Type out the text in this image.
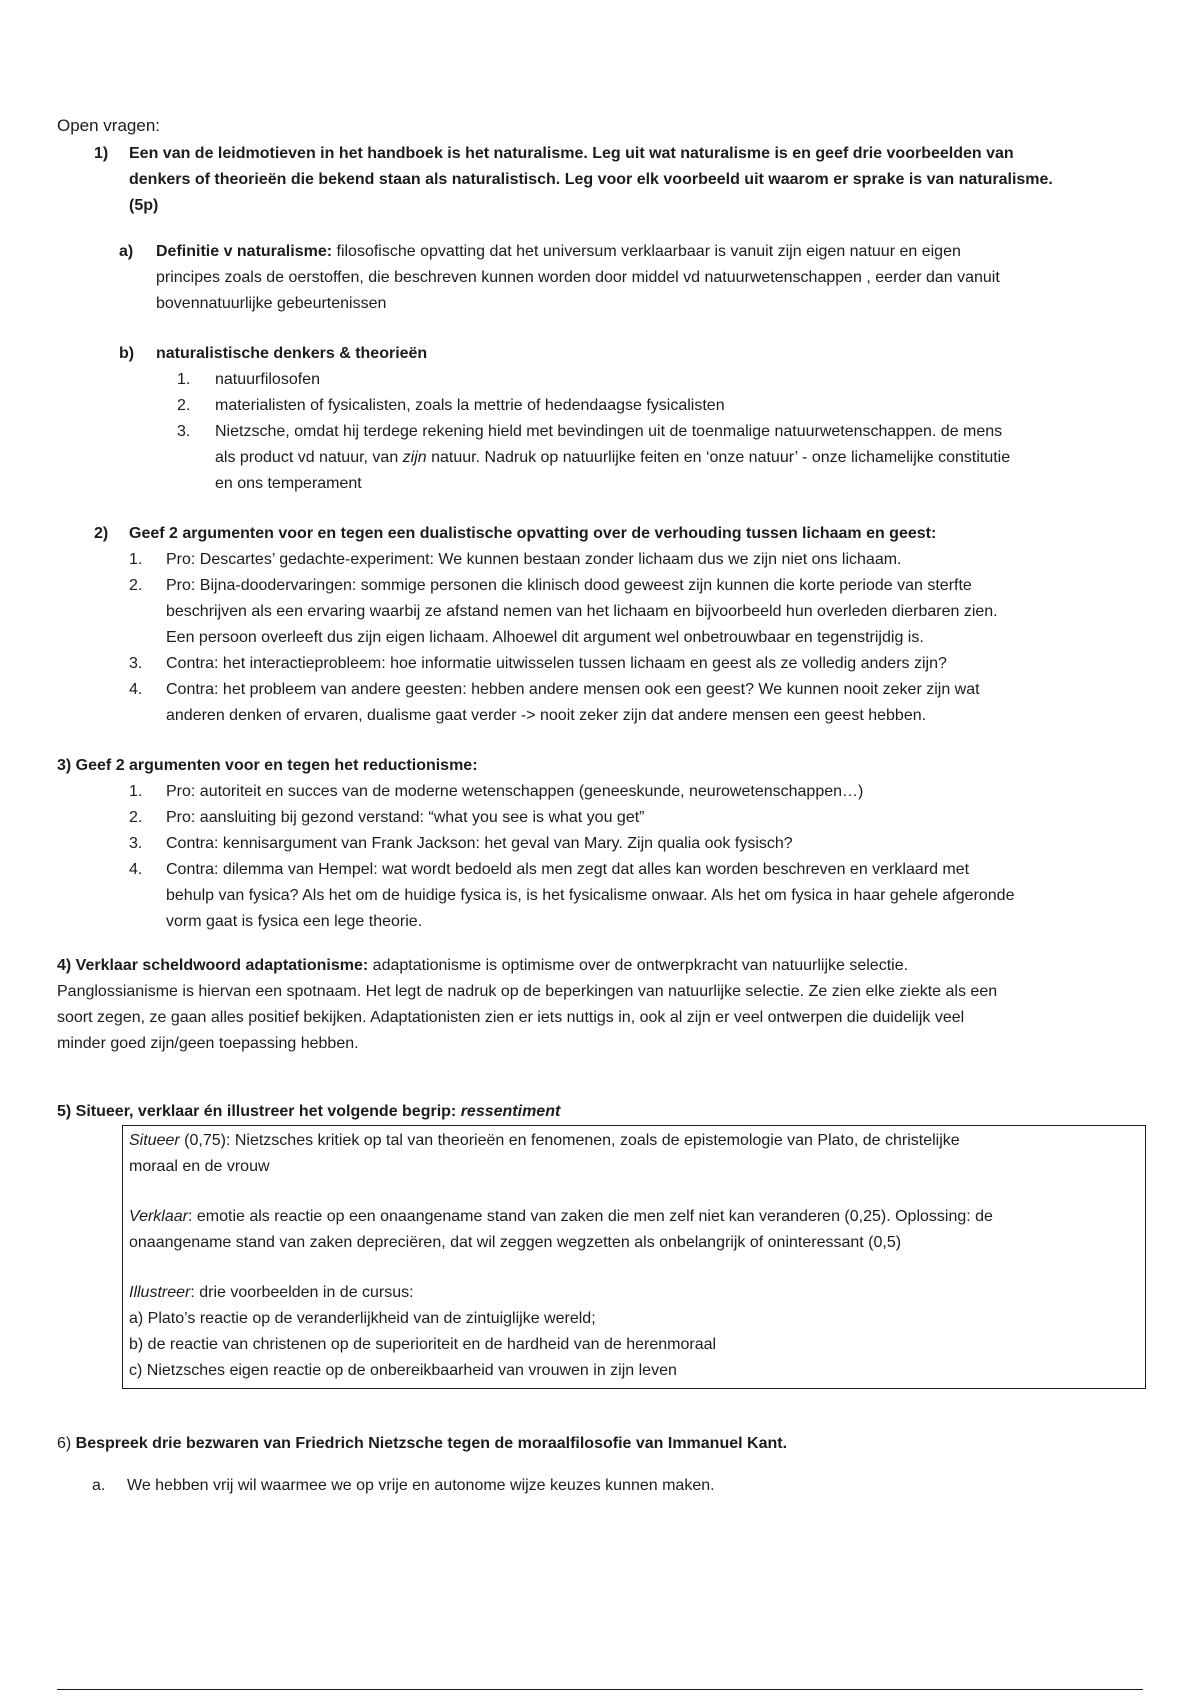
Open vragen:

1)	Een van de leidmotieven in het handboek is het naturalisme. Leg uit wat naturalisme is en geef drie voorbeelden van
denkers of theorieën die bekend staan als naturalistisch. Leg voor elk voorbeeld uit waarom er sprake is van naturalisme.
(5p)
a)	Definitie v naturalisme: filosofische opvatting dat het universum verklaarbaar is vanuit zijn eigen natuur en eigen
principes zoals de oerstoffen, die beschreven kunnen worden door middel vd natuurwetenschappen , eerder dan vanuit
bovennatuurlijke gebeurtenissen
b)	naturalistische denkers & theorieën
1.	natuurfilosofen
2.	materialisten of fysicalisten, zoals la mettrie of hedendaagse fysicalisten
3.	Nietzsche, omdat hij terdege rekening hield met bevindingen uit de toenmalige natuurwetenschappen. de mens
als product vd natuur, van zijn natuur. Nadruk op natuurlijke feiten en ‘onze natuur’ - onze lichamelijke constitutie
en ons temperament
2)	Geef 2 argumenten voor en tegen een dualistische opvatting over de verhouding tussen lichaam en geest:
1.	Pro: Descartes’ gedachte-experiment: We kunnen bestaan zonder lichaam dus we zijn niet ons lichaam.
2.	Pro: Bijna-doodervaringen: sommige personen die klinisch dood geweest zijn kunnen die korte periode van sterfte
beschrijven als een ervaring waarbij ze afstand nemen van het lichaam en bijvoorbeeld hun overleden dierbaren zien.
Een persoon overleeft dus zijn eigen lichaam. Alhoewel dit argument wel onbetrouwbaar en tegenstrijdig is.
3.	Contra: het interactieprobleem: hoe informatie uitwisselen tussen lichaam en geest als ze volledig anders zijn?
4.	Contra: het probleem van andere geesten: hebben andere mensen ook een geest? We kunnen nooit zeker zijn wat
anderen denken of ervaren, dualisme gaat verder -> nooit zeker zijn dat andere mensen een geest hebben.

3) Geef 2 argumenten voor en tegen het reductionisme:

1.	Pro: autoriteit en succes van de moderne wetenschappen (geneeskunde, neurowetenschappen…)
2.	Pro: aansluiting bij gezond verstand: “what you see is what you get”
3.	Contra: kennisargument van Frank Jackson: het geval van Mary. Zijn qualia ook fysisch?
4.	Contra: dilemma van Hempel: wat wordt bedoeld als men zegt dat alles kan worden beschreven en verklaard met
behulp van fysica? Als het om de huidige fysica is, is het fysicalisme onwaar. Als het om fysica in haar gehele afgeronde
vorm gaat is fysica een lege theorie.
4) Verklaar scheldwoord adaptationisme: adaptationisme is optimisme over de ontwerpkracht van natuurlijke selectie.
Panglossianisme is hiervan een spotnaam. Het legt de nadruk op de beperkingen van natuurlijke selectie. Ze zien elke ziekte als een
soort zegen, ze gaan alles positief bekijken. Adaptationisten zien er iets nuttigs in, ook al zijn er veel ontwerpen die duidelijk veel
minder goed zijn/geen toepassing hebben.

5) Situeer, verklaar én illustreer het volgende begrip: ressentiment

Situeer (0,75): Nietzsches kritiek op tal van theorieën en fenomenen, zoals de epistemologie van Plato, de christelijke
moraal en de vrouw
Verklaar: emotie als reactie op een onaangename stand van zaken die men zelf niet kan veranderen (0,25). Oplossing: de
onaangename stand van zaken depreciëren, dat wil zeggen wegzetten als onbelangrijk of oninteressant (0,5)
Illustreer: drie voorbeelden in de cursus:
a) Plato’s reactie op de veranderlijkheid van de zintuiglijke wereld;
b) de reactie van christenen op de superioriteit en de hardheid van de herenmoraal
c) Nietzsches eigen reactie op de onbereikbaarheid van vrouwen in zijn leven

6) Bespreek drie bezwaren van Friedrich Nietzsche tegen de moraalfilosofie van Immanuel Kant.

a.	We hebben vrij wil waarmee we op vrije en autonome wijze keuzes kunnen maken.
